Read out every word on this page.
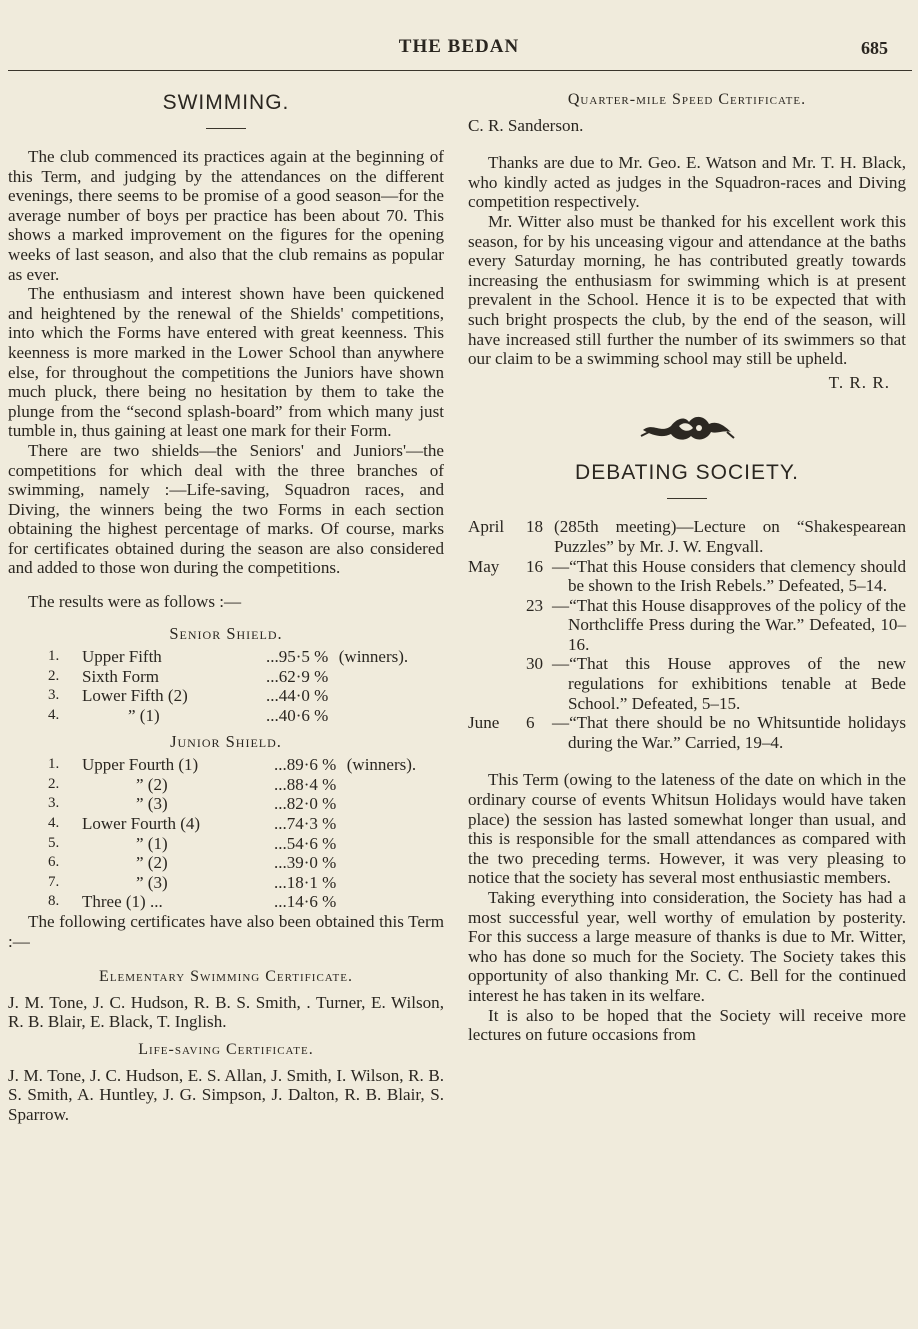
THE BEDAN	685
SWIMMING.

The club commenced its practices again at the beginning of this Term, and judging by the attendances on the different evenings, there seems to be promise of a good season—for the average number of boys per practice has been about 70. This shows a marked improvement on the figures for the opening weeks of last season, and also that the club remains as popular as ever.

The enthusiasm and interest shown have been quickened and heightened by the renewal of the Shields' competitions, into which the Forms have entered with great keenness. This keenness is more marked in the Lower School than anywhere else, for throughout the competitions the Juniors have shown much pluck, there being no hesitation by them to take the plunge from the “second splash-board” from which many just tumble in, thus gaining at least one mark for their Form.

There are two shields—the Seniors' and Juniors'—the competitions for which deal with the three branches of swimming, namely :—Life-saving, Squadron races, and Diving, the winners being the two Forms in each section obtaining the highest percentage of marks. Of course, marks for certificates obtained during the season are also considered and added to those won during the competitions.

The results were as follows :—

Senior Shield.
1.	Upper Fifth	...	95·5 %	(winners).
2.	Sixth Form	...	62·9 %	
3.	Lower Fifth (2)	...	44·0 %	
4.	” (1)	...	40·6 %	
Junior Shield.
1.	Upper Fourth (1)	...	89·6 %	(winners).
2.	” (2)	...	88·4 %	
3.	” (3)	...	82·0 %	
4.	Lower Fourth (4)	...	74·3 %	
5.	” (1)	...	54·6 %	
6.	” (2)	...	39·0 %	
7.	” (3)	...	18·1 %	
8.	Three (1) ...	...	14·6 %	

The following certificates have also been obtained this Term :—

Elementary Swimming Certificate.

J. M. Tone, J. C. Hudson, R. B. S. Smith, . Turner, E. Wilson, R. B. Blair, E. Black, T. Inglish.

Life-saving Certificate.

J. M. Tone, J. C. Hudson, E. S. Allan, J. Smith, I. Wilson, R. B. S. Smith, A. Huntley, J. G. Simpson, J. Dalton, R. B. Blair, S. Sparrow.

Quarter-mile Speed Certificate.

C. R. Sanderson.

Thanks are due to Mr. Geo. E. Watson and Mr. T. H. Black, who kindly acted as judges in the Squadron-races and Diving competition respectively.

Mr. Witter also must be thanked for his excellent work this season, for by his unceasing vigour and attendance at the baths every Saturday morning, he has contributed greatly towards increasing the enthusiasm for swimming which is at present prevalent in the School. Hence it is to be expected that with such bright prospects the club, by the end of the season, will have increased still further the number of its swimmers so that our claim to be a swimming school may still be upheld.

T. R. R.
DEBATING SOCIETY.
April	18 (285th meeting)—Lecture on “Shakespearean Puzzles” by Mr. J. W. Engvall.
May	16 —“That this House considers that clemency should be shown to the Irish Rebels.” Defeated, 5–14.
23 —“That this House disapproves of the policy of the Northcliffe Press during the War.” Defeated, 10–16.
30 —“That this House approves of the new regulations for exhibitions tenable at Bede School.” Defeated, 5–15.
June	6	—“That there should be no Whitsuntide holidays during the War.” Carried, 19–4.

This Term (owing to the lateness of the date on which in the ordinary course of events Whitsun Holidays would have taken place) the session has lasted somewhat longer than usual, and this is responsible for the small attendances as compared with the two preceding terms. However, it was very pleasing to notice that the society has several most enthusiastic members.

Taking everything into consideration, the Society has had a most successful year, well worthy of emulation by posterity. For this success a large measure of thanks is due to Mr. Witter, who has done so much for the Society. The Society takes this opportunity of also thanking Mr. C. C. Bell for the continued interest he has taken in its welfare.

It is also to be hoped that the Society will receive more lectures on future occasions from
